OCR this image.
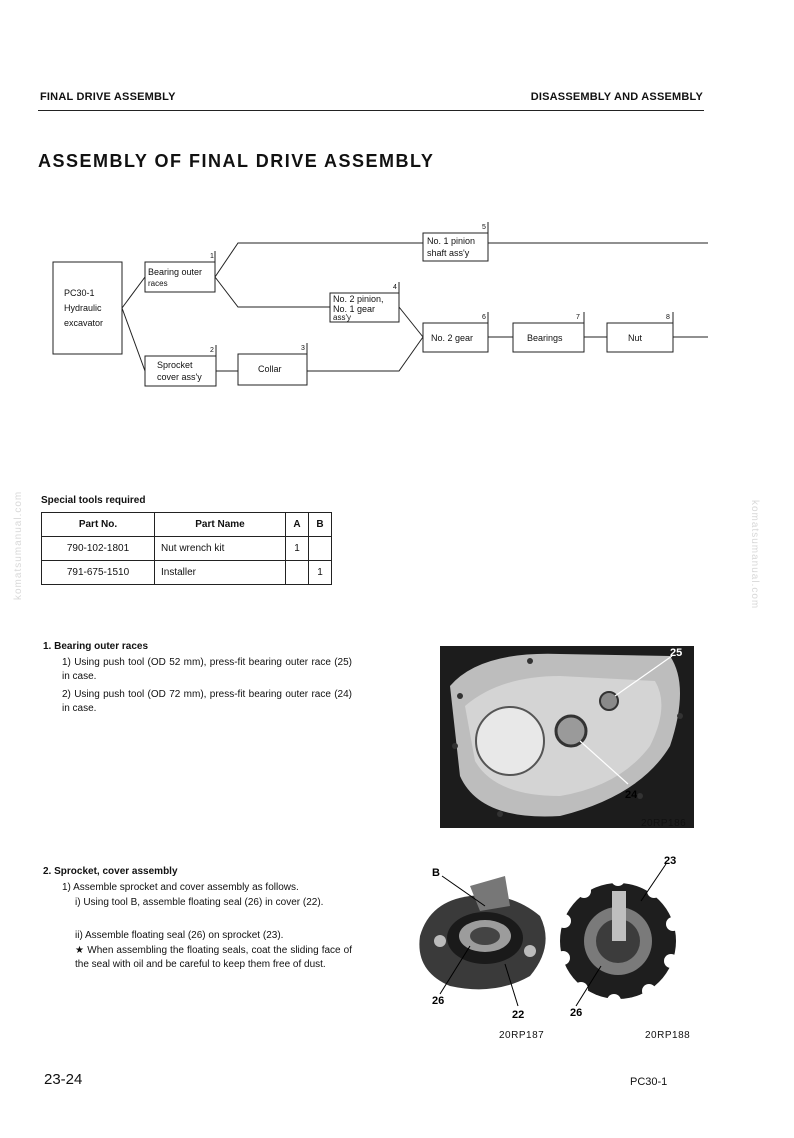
FINAL DRIVE ASSEMBLY	DISASSEMBLY AND ASSEMBLY
ASSEMBLY OF FINAL DRIVE ASSEMBLY
PC30-1
Hydraulic
excavator
1
Bearing outer
races
2
Sprocket
cover ass'y
3
Collar
4
No. 2 pinion,
No. 1 gear
ass'y
5
No. 1 pinion
shaft ass'y
6
No. 2 gear
7
Bearings
8
Nut
Special tools required
Part No.	Part Name	A	B
790-102-1801	Nut wrench kit	1	
791-675-1510	Installer		1
komatsumanual.com	komatsumanual.com
1. Bearing outer races
1) Using push tool (OD 52 mm), press-fit bearing outer race (25) in case.
2) Using push tool (OD 72 mm), press-fit bearing outer race (24) in case.
25
24
20RP186
2. Sprocket, cover assembly
1) Assemble sprocket and cover assembly as follows.
i) Using tool B, assemble floating seal (26) in cover (22).
ii) Assemble floating seal (26) on sprocket (23).
★ When assembling the floating seals, coat the sliding face of the seal with oil and be careful to keep them free of dust.
B
26
22
20RP187
23
26
20RP188
23-24	PC30-1
